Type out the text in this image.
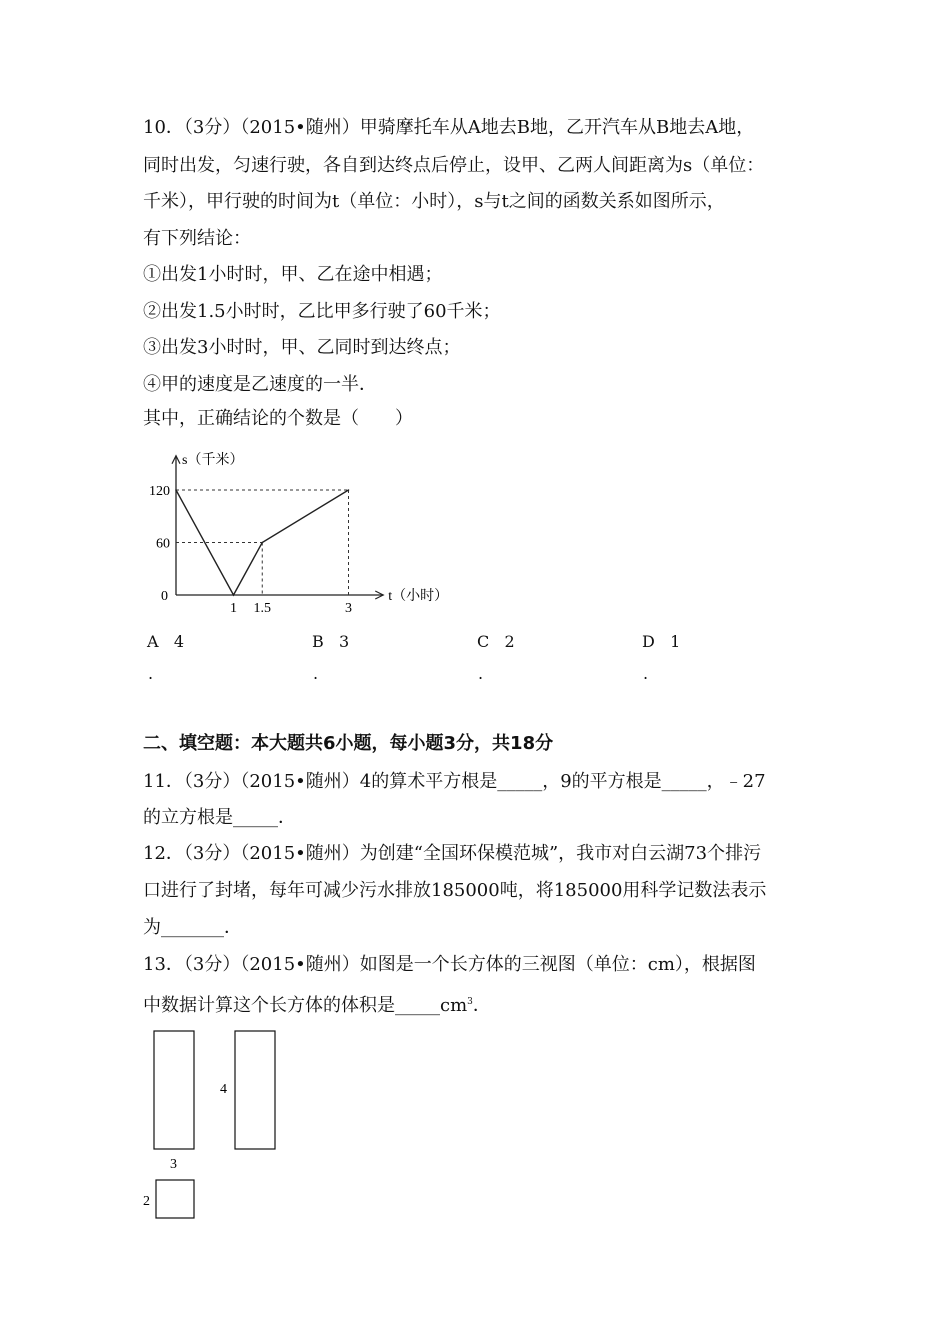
10．（3分）（2015•随州）甲骑摩托车从A地去B地，乙开汽车从B地去A地，
同时出发，匀速行驶，各自到达终点后停止，设甲、乙两人间距离为s（单位：
千米），甲行驶的时间为t（单位：小时），s与t之间的函数关系如图所示，
有下列结论：
①出发1小时时，甲、乙在途中相遇；
②出发1.5小时时，乙比甲多行驶了60千米；
③出发3小时时，甲、乙同时到达终点；
④甲的速度是乙速度的一半．
其中，正确结论的个数是（　　）
1 1.5	3
120
60
0
s（千米）
t（小时）
A 4	B 3	C 2	D 1
.	.	.	.
二、填空题：本大题共6小题，每小题3分，共18分
11．（3分）（2015•随州）4的算术平方根是_____，9的平方根是_____，﹣27
的立方根是_____．
12．（3分）（2015•随州）为创建“全国环保模范城”，我市对白云湖73个排污
口进行了封堵，每年可减少污水排放185000吨，将185000用科学记数法表示
为_______．
13．（3分）（2015•随州）如图是一个长方体的三视图（单位：cm），根据图
中数据计算这个长方体的体积是$\_\_\_\_\_cm^3$．
3
4
2
